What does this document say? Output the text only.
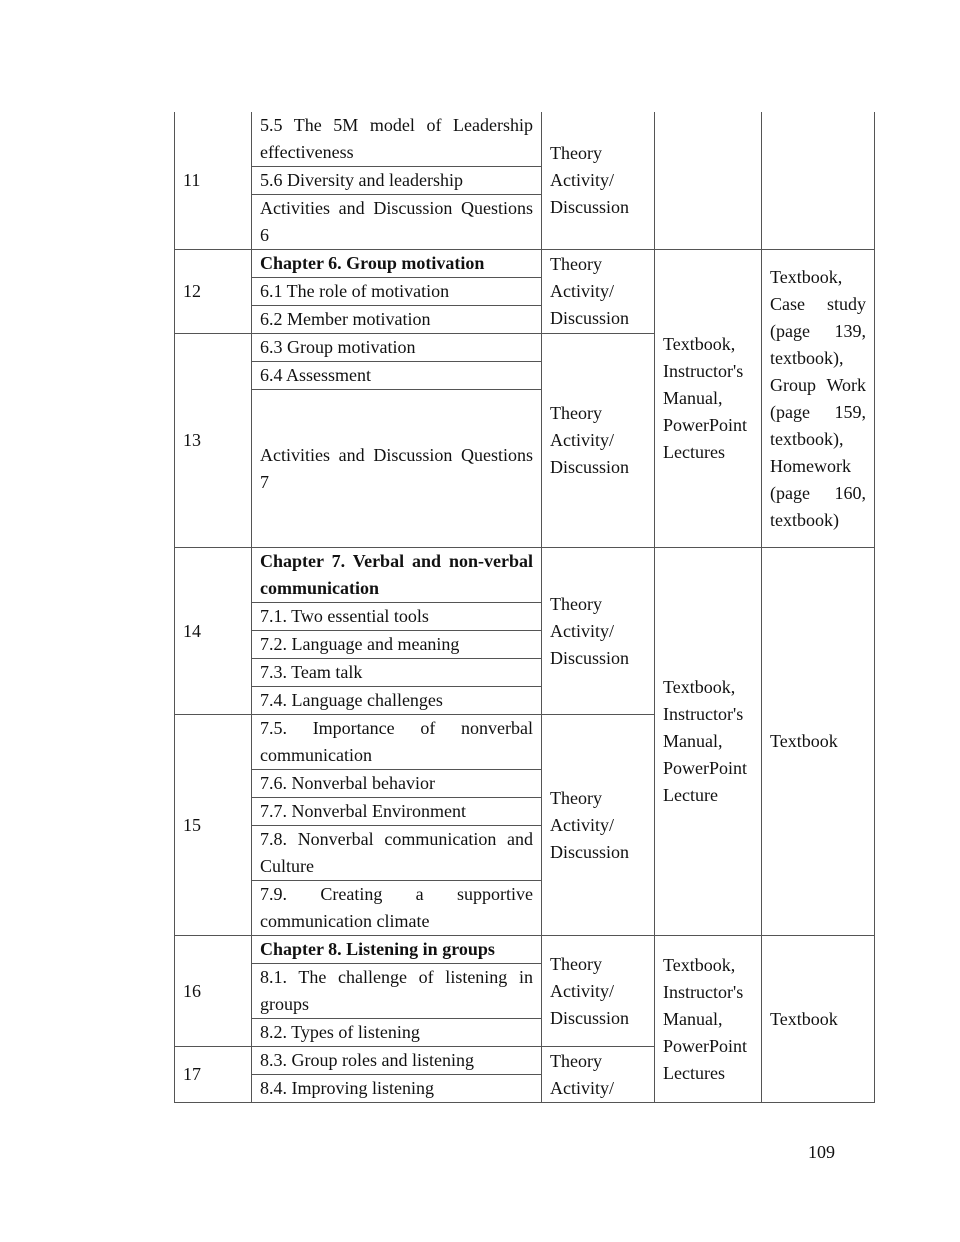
11	5.5 The 5M model of Leadership effectiveness	Theory Activity/ Discussion		
	5.6 Diversity and leadership			
	Activities and Discussion Questions 6			
12	Chapter 6. Group motivation	Theory Activity/ Discussion	Textbook, Instructor's Manual, PowerPoint Lectures	Textbook, Case study (page 139, textbook), Group Work (page 159, textbook), Homework (page 160, textbook)
	6.1 The role of motivation			
	6.2 Member motivation			
13	6.3 Group motivation	Theory Activity/ Discussion		
	6.4 Assessment			
	Activities and Discussion Questions 7			
14	Chapter 7. Verbal and non-verbal communication	Theory Activity/ Discussion	Textbook, Instructor's Manual, PowerPoint Lecture	Textbook
	7.1. Two essential tools			
	7.2. Language and meaning			
	7.3. Team talk			
	7.4. Language challenges			
15	7.5. Importance of nonverbal communication	Theory Activity/ Discussion		
	7.6. Nonverbal behavior			
	7.7. Nonverbal Environment			
	7.8. Nonverbal communication and Culture			
	7.9. Creating a supportive communication climate			
16	Chapter 8. Listening in groups	Theory Activity/ Discussion	Textbook, Instructor's Manual, PowerPoint Lectures	Textbook
	8.1. The challenge of listening in groups			
	8.2. Types of listening			
17	8.3. Group roles and listening	Theory Activity/		
	8.4. Improving listening			
109
